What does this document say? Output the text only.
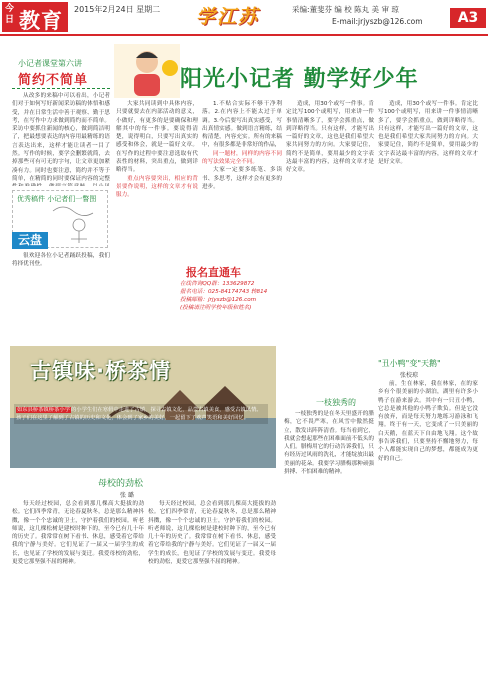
今日 教育 2015年2月24日 星期二 学江苏	采编:董斐芬 编 校 陈丸 美 审 琼
E-mail:jrjyszb@126.com	A3
小记者课堂第六讲
简约不简单

从改多的来稿中可以看出，小记者们对于如何写好新闻采访稿的体悟和感受，并在日常生活中善于观察、勤于思考，在写作中力求做到简约而不简单。采访中要抓住新闻的核心，做到简洁明了，把最想要表达的内容用最精练的语言表达出来，这样才能让读者一目了然。写作的时候，要学会删繁就简，去掉那些可有可无的字句，让文章更加紧凑有力。同时也要注意，简约并不等于简单，在精简的同时要保证内容的完整

优秀稿件 小记者们一瞥图
云盘

很欢迎各位小记者踊跃投稿，我们将择优刊登。

阳光小记者 勤学好少年

大家共同读到中具体内容，只要就要去在内部活动的意义，小做好，有更多的是要确保和理解其中的每一件事。要说得清楚，说得明白，只要写出真实的感受和体会，就是一篇好文章。在写作的过程中要注意选取有代表性的材料，突出重点，做到详略得当。

重点内容要突出，相应的背景要作说明，这样的文章才有说服力。

1.不贴合实际不够干净利落。2.在内容上不能太过于单调。3.今后要写出真实感受，写出真情实感。做到语言精练，结构清楚，内容充实。所有的来稿中，有很多都是非常好的作品，

同一题材，同样的内容不同的写法效果完全不同。

大家一定要多练笔、多读书、多思考，这样才会有更多的进步。

造成，用30个或写一件事。肯定比写100个或明写，用来讲一件事情清晰多了，要学会抓重点，做到详略得当。只有这样，才能写出一篇好的文章，这也是我们希望大家共同努力的方向。大家要记住，简约不是简单，要用最少的文字表达最丰富的内容，这样的文章才是好文章。

造成，用30个或写一件事。肯定比写100个或明写，用来讲一件事情清晰多了，要学会抓重点，做到详略得当。只有这样，才能写出一篇好的文章，这也是我们希望大家共同努力的方向。大家要记住，简约不是简单，要用最少的文字表达最丰富的内容，这样的文章才是好文章。

报名直通车
在线咨询QQ群：133629872
报名电话：025-84174743 转814
投稿邮箱：jrjyszb@126.com
(投稿请注明学校年级和姓名)
古镇味·桥茶情
如东县桥茶镇桥茶小学的小学生们在寒假中走进了古镇，探寻古镇文化，品尝古镇美食，感受古镇风情。孩子们在这里了解到了古镇的历史和文化，体会到了家乡的美好，一起留下了欢声笑语和美好回忆。
母校的劲松
张 璐

每天经过校园，总会看到那几棵高大挺拔的劲松。它们四季常青，无论春夏秋冬，总是那么精神抖擞，像一个个忠诚的卫士，守护着我们的校园。听老师说，这几棵松树是建校时种下的，至今已有几十年的历史了。我常常在树下看书、休息，感受着它带给我的宁静与美好。它们见证了一届又一届学生的成长，也见证了学校的发展与变迁。我爱母校的劲松，更爱它那坚强不屈的精神。

每天经过校园，总会看到那几棵高大挺拔的劲松。它们四季常青，无论春夏秋冬，总是那么精神抖擞，像一个个忠诚的卫士，守护着我们的校园。听老师说，这几棵松树是建校时种下的，至今已有几十年的历史了。我常常在树下看书、休息，感受着它带给我的宁静与美好。它们见证了一届又一届学生的成长，也见证了学校的发展与变迁。我爱母校的劲松，更爱它那坚强不屈的精神。

一枝独秀的

一枝独秀的是在冬天里盛开的腊梅，它不畏严寒，在风雪中傲然挺立，散发出阵阵清香。每当看到它，我就会想起那些在困难面前不低头的人们。腊梅用它的行动告诉我们，只有经历过风雨的洗礼，才能绽放出最美丽的花朵。我要学习腊梅那种顽强拼搏、不怕困难的精神。

"丑小鸭"变"天鹅"
张校琼

前，生在林家，我在林家，在的家乡有个很美丽的小湖泊，湖里有许多小鸭子在游来游去。其中有一只丑小鸭，它总是被其他的小鸭子欺负。但是它没有放弃，而是每天努力地练习游泳和飞翔。终于有一天，它变成了一只美丽的白天鹅，在蓝天下自由地飞翔。这个故事告诉我们，只要坚持不懈地努力，每个人都能实现自己的梦想，都能成为更好的自己。
